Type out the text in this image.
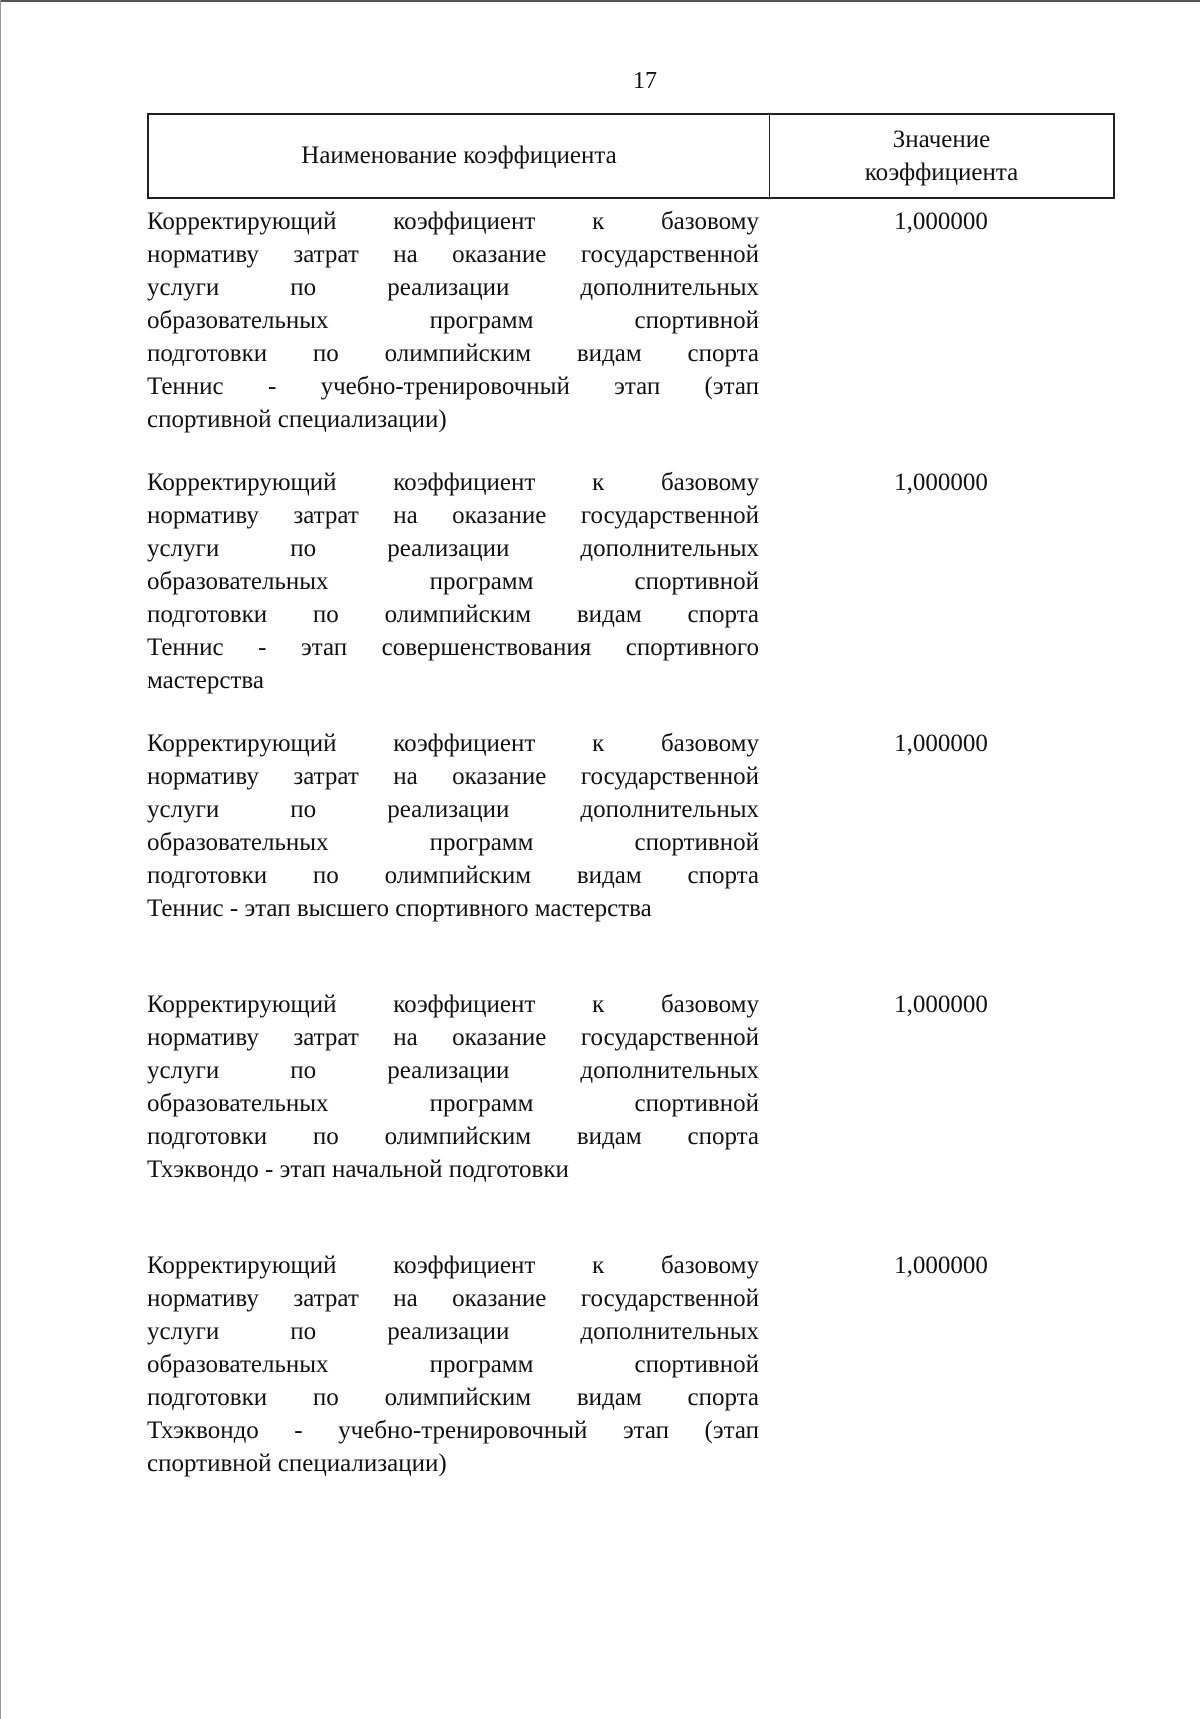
17
Наименование коэффициента
Значение
коэффициента
Корректирующий коэффициент к базовому
нормативу затрат на оказание государственной
услуги по реализации дополнительных
образовательных программ спортивной
подготовки по олимпийским видам спорта
Теннис - учебно-тренировочный этап (этап
спортивной специализации)
1,000000
Корректирующий коэффициент к базовому
нормативу затрат на оказание государственной
услуги по реализации дополнительных
образовательных программ спортивной
подготовки по олимпийским видам спорта
Теннис - этап совершенствования спортивного
мастерства
1,000000
Корректирующий коэффициент к базовому
нормативу затрат на оказание государственной
услуги по реализации дополнительных
образовательных программ спортивной
подготовки по олимпийским видам спорта
Теннис - этап высшего спортивного мастерства
1,000000
Корректирующий коэффициент к базовому
нормативу затрат на оказание государственной
услуги по реализации дополнительных
образовательных программ спортивной
подготовки по олимпийским видам спорта
Тхэквондо - этап начальной подготовки
1,000000
Корректирующий коэффициент к базовому
нормативу затрат на оказание государственной
услуги по реализации дополнительных
образовательных программ спортивной
подготовки по олимпийским видам спорта
Тхэквондо - учебно-тренировочный этап (этап
спортивной специализации)
1,000000
